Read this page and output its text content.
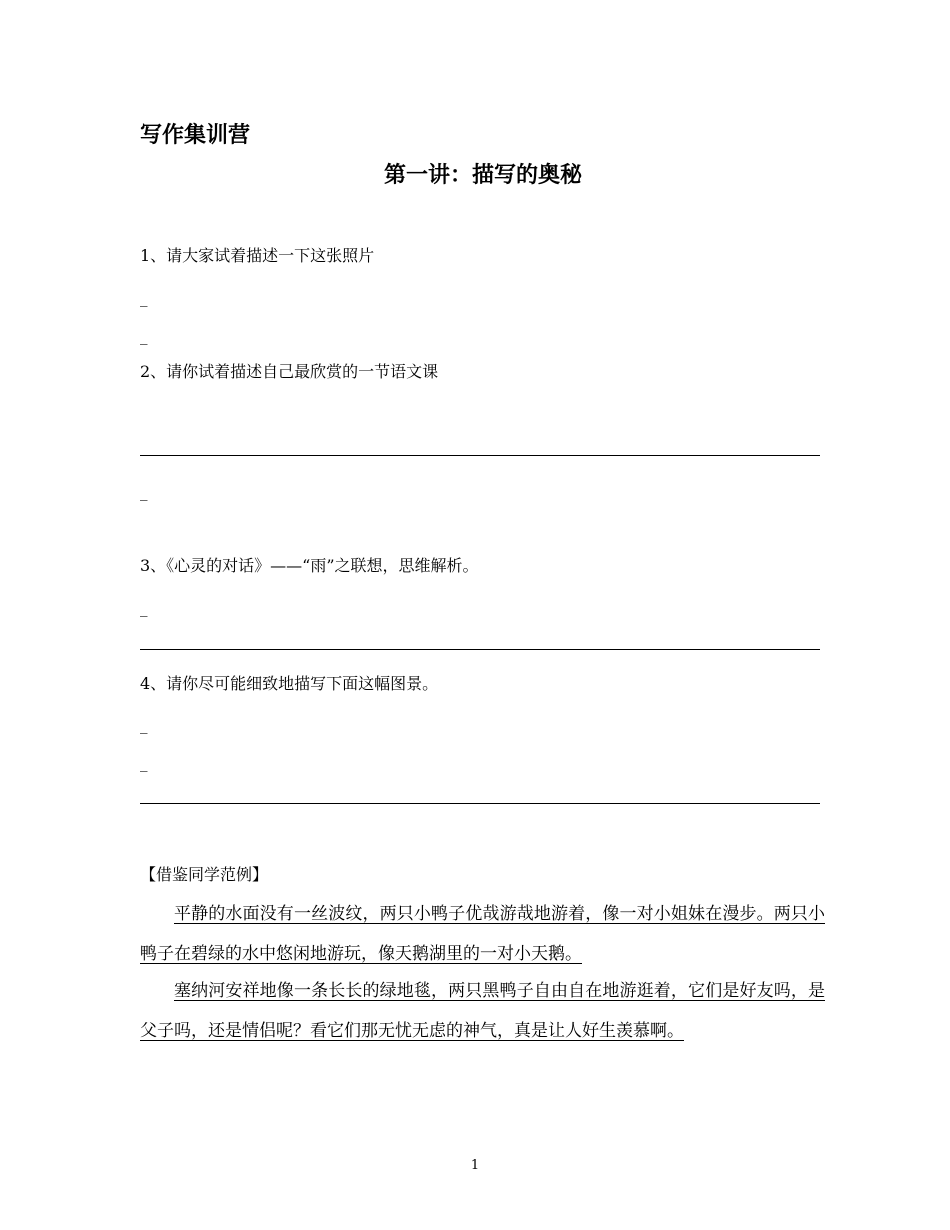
写作集训营
第一讲：描写的奥秘
1、请大家试着描述一下这张照片
_
_
2、请你试着描述自己最欣赏的一节语文课
_
3、《心灵的对话》——“雨”之联想，思维解析。
_
4、请你尽可能细致地描写下面这幅图景。
_
_
【借鉴同学范例】
平静的水面没有一丝波纹，两只小鸭子优哉游哉地游着，像一对小姐妹在漫步。两只小鸭子在碧绿的水中悠闲地游玩，像天鹅湖里的一对小天鹅。
塞纳河安祥地像一条长长的绿地毯，两只黑鸭子自由自在地游逛着，它们是好友吗，是父子吗，还是情侣呢？看它们那无忧无虑的神气，真是让人好生羡慕啊。
1
